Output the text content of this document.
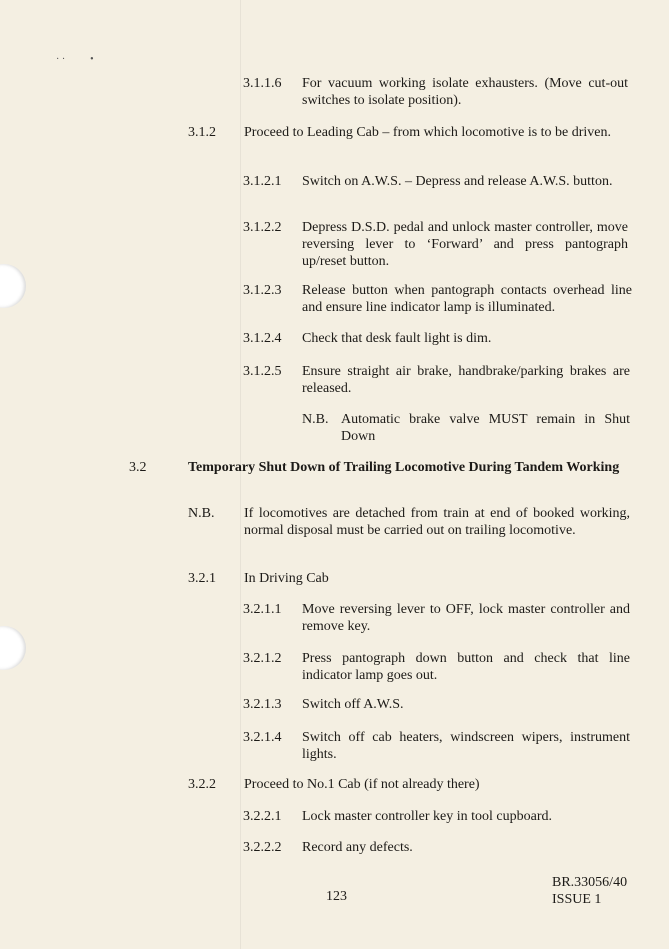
· ·          •
3.1.1.6 For vacuum working isolate exhausters. (Move cut-out switches to isolate position).
3.1.2 Proceed to Leading Cab – from which locomotive is to be driven.
3.1.2.1 Switch on A.W.S. – Depress and release A.W.S. button.
3.1.2.2 Depress D.S.D. pedal and unlock master controller, move reversing lever to ‘Forward’ and press pantograph up/reset button.
3.1.2.3 Release button when pantograph contacts overhead line and ensure line indicator lamp is illuminated.
3.1.2.4 Check that desk fault light is dim.
3.1.2.5 Ensure straight air brake, handbrake/parking brakes are released.
N.B. Automatic brake valve MUST remain in Shut Down
3.2	Temporary Shut Down of Trailing Locomotive During Tandem Working
N.B. If locomotives are detached from train at end of booked working, normal disposal must be carried out on trailing locomotive.
3.2.1 In Driving Cab
3.2.1.1 Move reversing lever to OFF, lock master controller and remove key.
3.2.1.2 Press pantograph down button and check that line indicator lamp goes out.
3.2.1.3 Switch off A.W.S.
3.2.1.4 Switch off cab heaters, windscreen wipers, instrument lights.
3.2.2 Proceed to No.1 Cab (if not already there)
3.2.2.1 Lock master controller key in tool cupboard.
3.2.2.2 Record any defects.
123
BR.33056/40
ISSUE 1
